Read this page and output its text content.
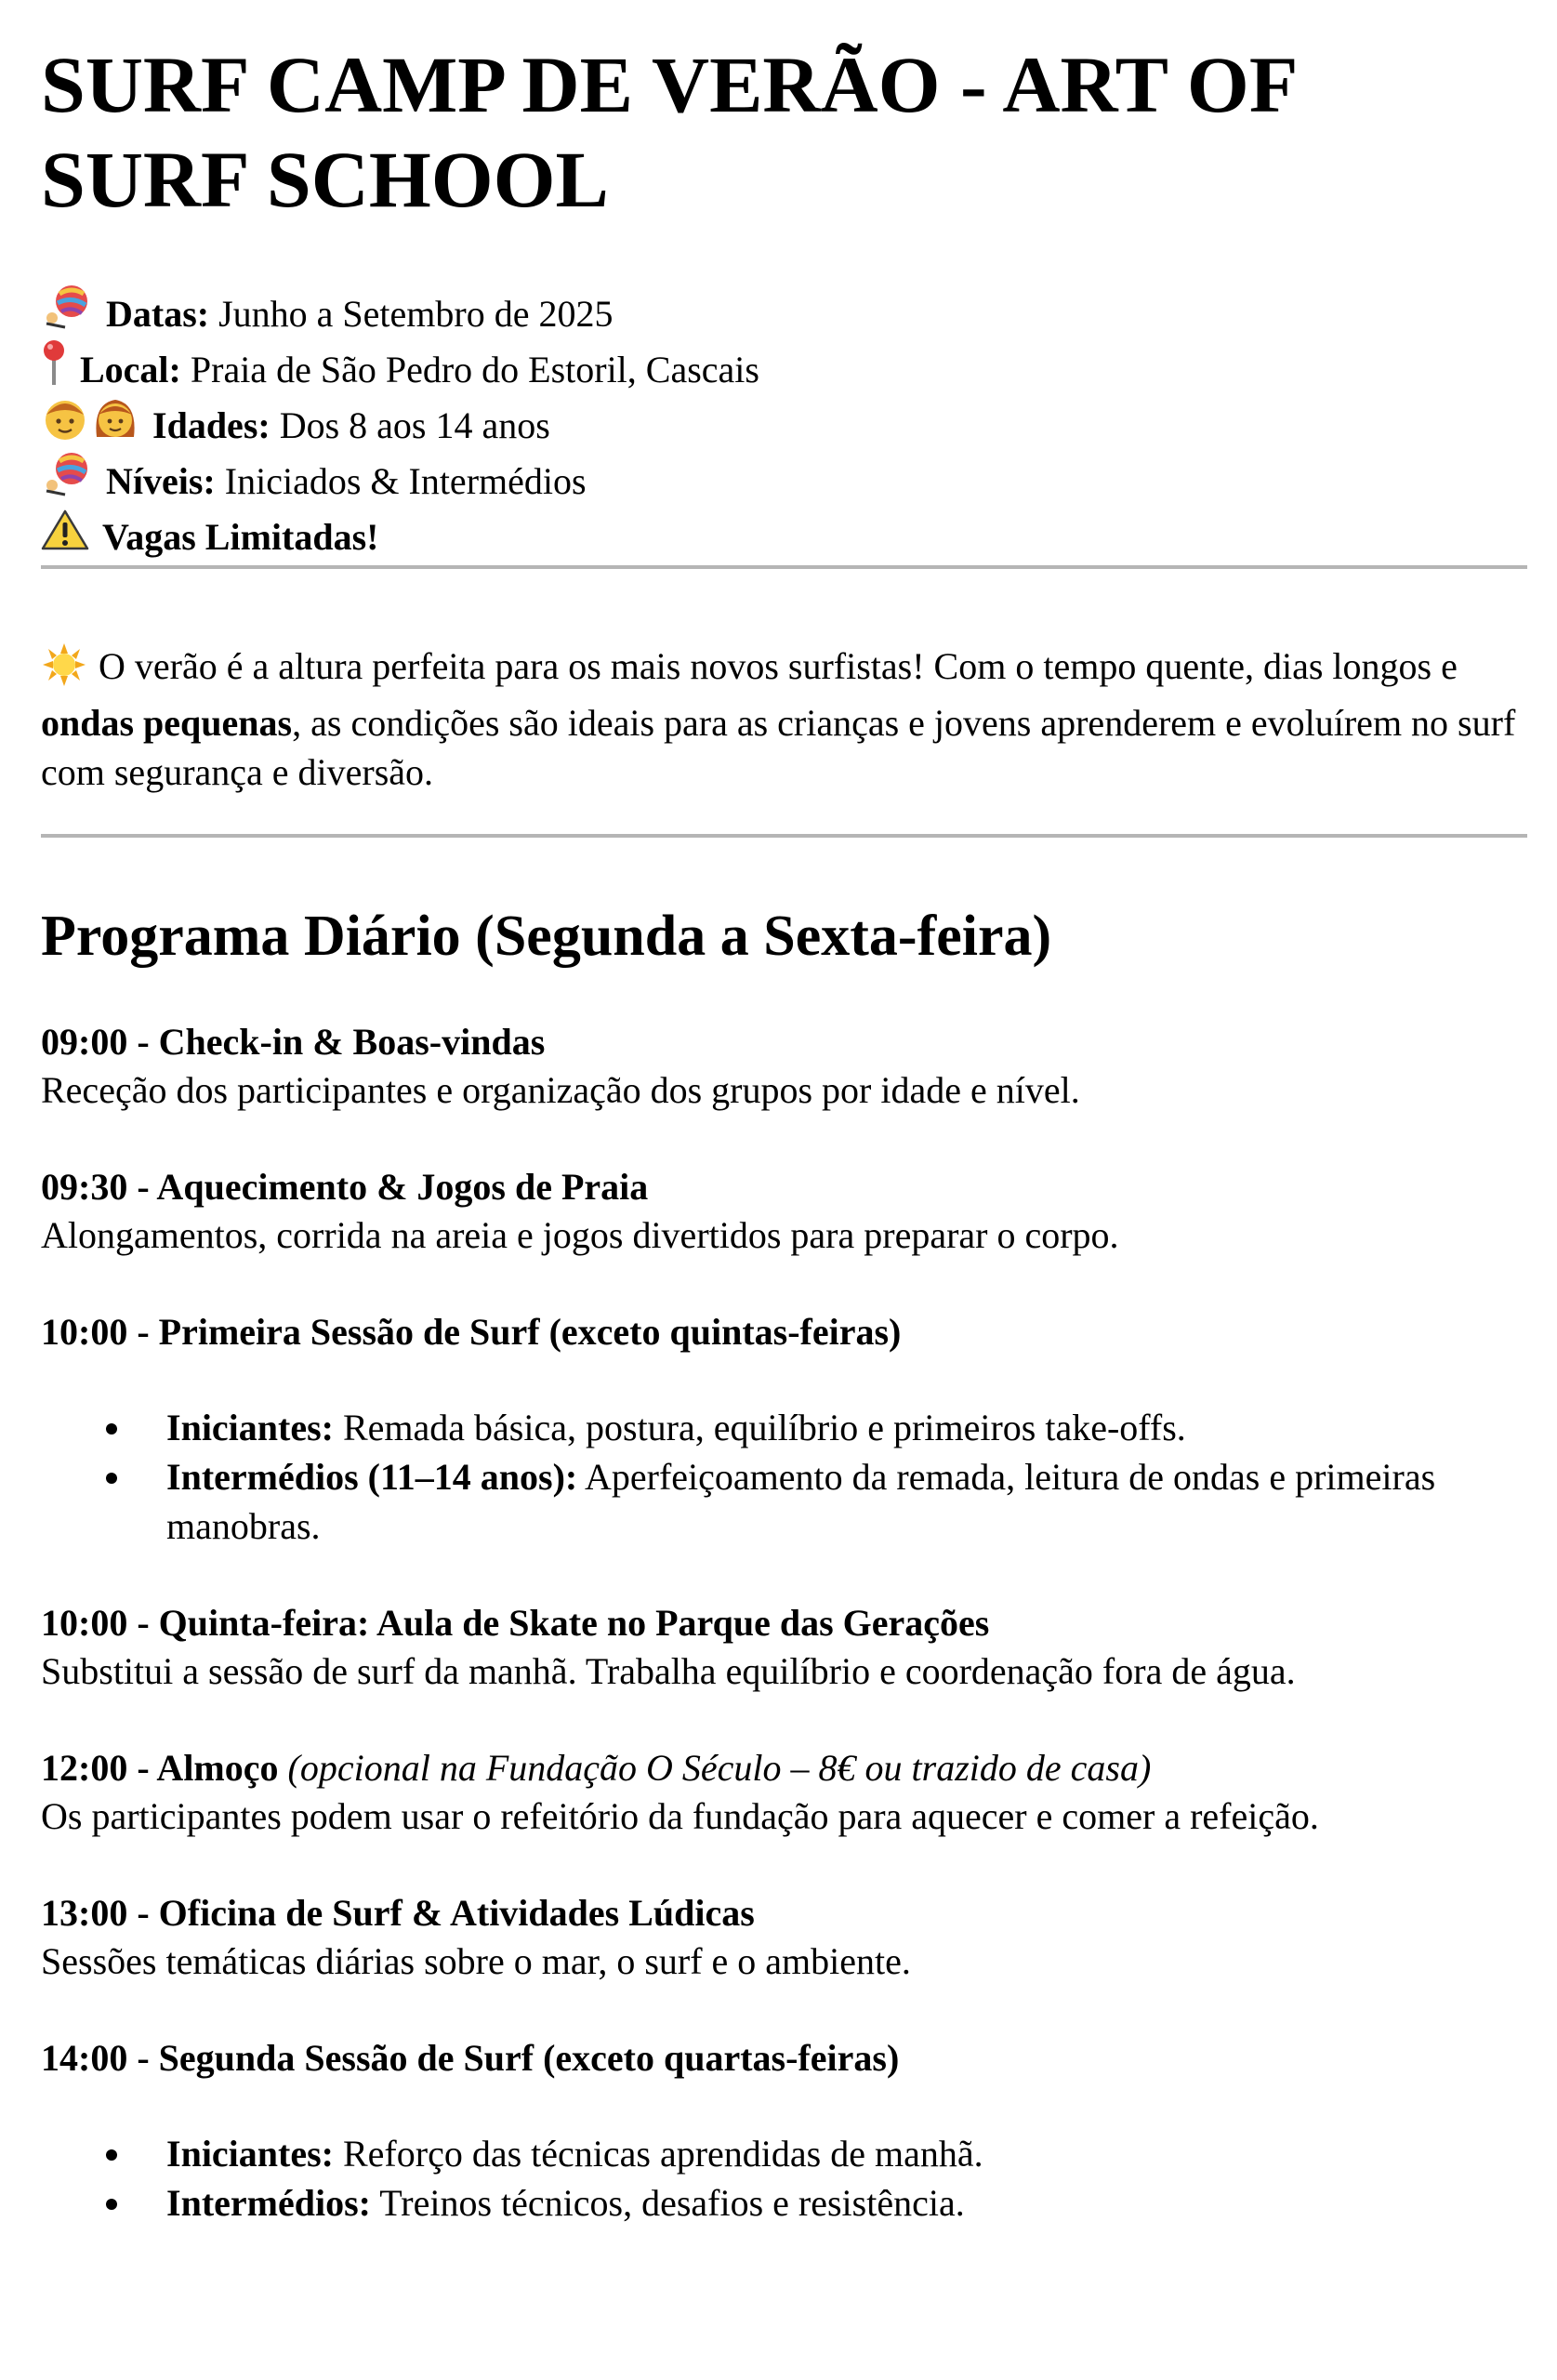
SURF CAMP DE VERÃO - ART OF SURF SCHOOL
Datas: Junho a Setembro de 2025
Local: Praia de São Pedro do Estoril, Cascais
Idades: Dos 8 aos 14 anos
Níveis: Iniciados & Intermédios
Vagas Limitadas!

O verão é a altura perfeita para os mais novos surfistas! Com o tempo quente, dias longos e ondas pequenas, as condições são ideais para as crianças e jovens aprenderem e evoluírem no surf com segurança e diversão.

Programa Diário (Segunda a Sexta-feira)
09:00 - Check-in & Boas-vindas
Receção dos participantes e organização dos grupos por idade e nível.
09:30 - Aquecimento & Jogos de Praia
Alongamentos, corrida na areia e jogos divertidos para preparar o corpo.
10:00 - Primeira Sessão de Surf (exceto quintas-feiras)
Iniciantes: Remada básica, postura, equilíbrio e primeiros take-offs.
Intermédios (11–14 anos): Aperfeiçoamento da remada, leitura de ondas e primeiras manobras.
10:00 - Quinta-feira: Aula de Skate no Parque das Gerações
Substitui a sessão de surf da manhã. Trabalha equilíbrio e coordenação fora de água.
12:00 - Almoço (opcional na Fundação O Século – 8€ ou trazido de casa)
Os participantes podem usar o refeitório da fundação para aquecer e comer a refeição.
13:00 - Oficina de Surf & Atividades Lúdicas
Sessões temáticas diárias sobre o mar, o surf e o ambiente.
14:00 - Segunda Sessão de Surf (exceto quartas-feiras)
Iniciantes: Reforço das técnicas aprendidas de manhã.
Intermédios: Treinos técnicos, desafios e resistência.
